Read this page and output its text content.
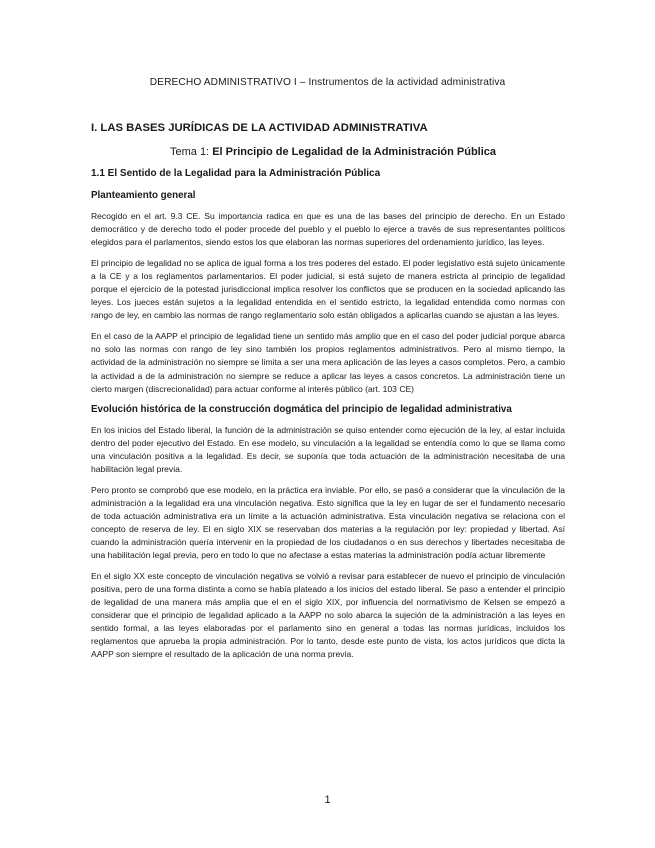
DERECHO ADMINISTRATIVO I – Instrumentos de la actividad administrativa
I. LAS BASES JURÍDICAS DE LA ACTIVIDAD ADMINISTRATIVA
Tema 1: El Principio de Legalidad de la Administración Pública
1.1 El Sentido de la Legalidad para la Administración Pública
Planteamiento general

Recogido en el art. 9.3 CE. Su importancia radica en que es una de las bases del principio de derecho. En un Estado democrático y de derecho todo el poder procede del pueblo y el pueblo lo ejerce a través de sus representantes políticos elegidos para el parlamentos, siendo estos los que elaboran las normas superiores del ordenamiento jurídico, las leyes.

El principio de legalidad no se aplica de igual forma a los tres poderes del estado. El poder legislativo está sujeto únicamente a la CE y a los reglamentos parlamentarios. El poder judicial, si está sujeto de manera estricta al principio de legalidad porque el ejercicio de la potestad jurisdiccional implica resolver los conflictos que se producen en la sociedad aplicando las leyes. Los jueces están sujetos a la legalidad entendida en el sentido estricto, la legalidad entendida como normas con rango de ley, en cambio las normas de rango reglamentario solo están obligados a aplicarlas cuando se ajustan a las leyes.

En el caso de la AAPP el principio de legalidad tiene un sentido más amplio que en el caso del poder judicial porque abarca no solo las normas con rango de ley sino también los propios reglamentos administrativos. Pero al mismo tiempo, la actividad de la administración no siempre se limita a ser una mera aplicación de las leyes a casos completos. Pero, a cambio la actividad a de la administración no siempre se reduce a aplicar las leyes a casos concretos. La administración tiene un cierto margen (discrecionalidad) para actuar conforme al interés público (art. 103 CE)

Evolución histórica de la construcción dogmática del principio de legalidad administrativa

En los inicios del Estado liberal, la función de la administración se quiso entender como ejecución de la ley, al estar incluida dentro del poder ejecutivo del Estado. En ese modelo, su vinculación a la legalidad se entendía como lo que se llama como una vinculación positiva a la legalidad. Es decir, se suponía que toda actuación de la administración necesitaba de una habilitación legal previa.

Pero pronto se comprobó que ese modelo, en la práctica era inviable. Por ello, se pasó a considerar que la vinculación de la administración a la legalidad era una vinculación negativa. Esto significa que la ley en lugar de ser el fundamento necesario de toda actuación administrativa era un límite a la actuación administrativa. Esta vinculación negativa se relaciona con el concepto de reserva de ley. El en siglo XIX se reservaban dos materias a la regulación por ley: propiedad y libertad. Así cuando la administración quería intervenir en la propiedad de los ciudadanos o en sus derechos y libertades necesitaba de una habilitación legal previa, pero en todo lo que no afectase a estas materias la administración podía actuar libremente

En el siglo XX este concepto de vinculación negativa se volvió a revisar para establecer de nuevo el principio de vinculación positiva, pero de una forma distinta a como se había plateado a los inicios del estado liberal. Se paso a entender el principio de legalidad de una manera más amplia que el en el siglo XIX, por influencia del normativismo de Kelsen se empezó a considerar que el principio de legalidad aplicado a la AAPP no solo abarca la sujeción de la administración a las leyes en sentido formal, a las leyes elaboradas por el parlamento sino en general a todas las normas jurídicas, incluidos los reglamentos que aprueba la propia administración. Por lo tanto, desde este punto de vista, los actos jurídicos que dicta la AAPP son siempre el resultado de la aplicación de una norma previa.

1
